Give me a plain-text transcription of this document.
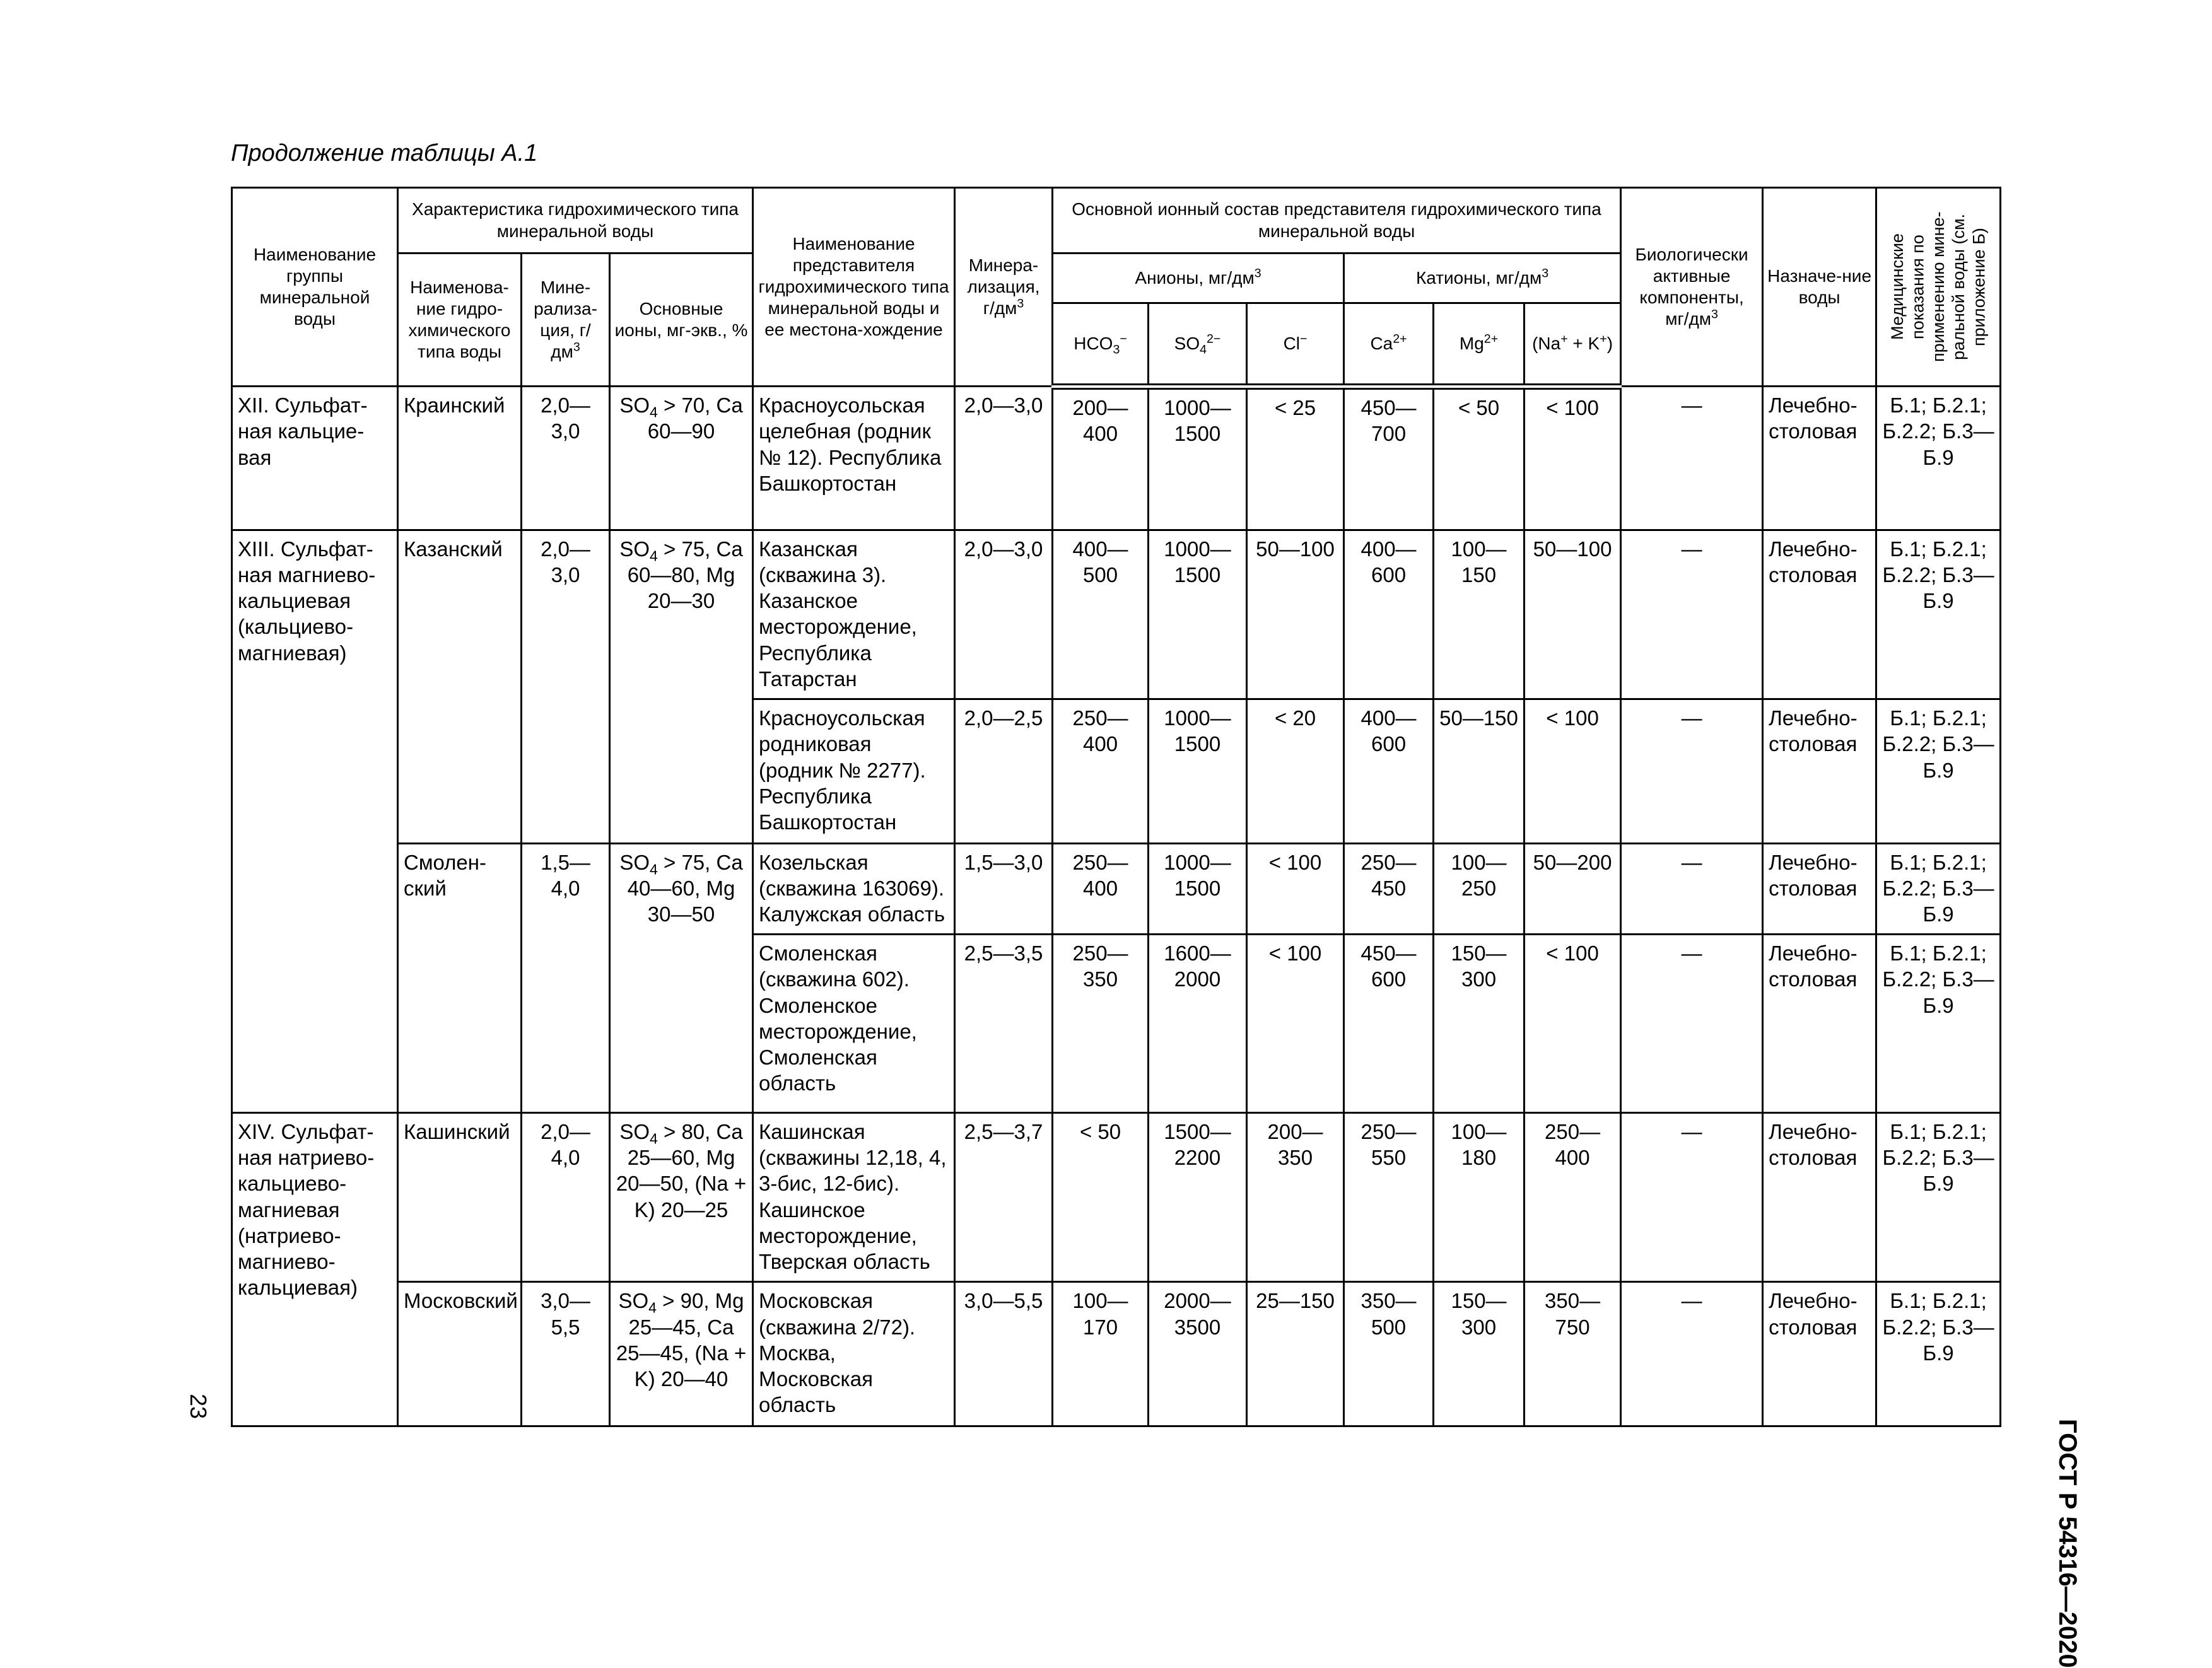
Продолжение таблицы А.1
ГОСТ Р 54316—2020
23
Наименование группы минеральной воды	Характеристика гидрохимического типа минеральной воды			Наименование представителя гидрохимического типа минеральной воды и ее местона-хождение	Минера-лизация, $г/дм^3$	Основной ионный состав представителя гидрохимического типа минеральной воды						Биологически активные компоненты, $мг/дм^3$	Назначе-ние воды	Медицинские показания по применению мине-ральной воды (см. приложение Б)

	Наименова-ние гидро-химического типа воды	Мине-рализа-ция, $г/дм^3$	Основные ионы, мг-экв., %			Анионы, $мг/дм^3$			Катионы, $мг/дм^3$
						$HCO_3^-$	$SO_4^{2-}$	Cl−	$Ca^{2+}$	$Mg^{2+}$	(Na+ + K+)			
XII. Сульфат-ная кальцие-вая	Краинский	2,0—3,0	$SO_4 > 70$, Ca 60—90	Красноусольская целебная (родник № 12). Республика Башкортостан	2,0—3,0	200—400	1000—1500	< 25	450—700	< 50	< 100	—	Лечебно-столовая	Б.1; Б.2.1; Б.2.2; Б.3—Б.9
XIII. Сульфат-ная магниево-кальциевая (кальциево-магниевая)	Казанский	2,0—3,0	$SO_4 > 75$, Ca 60—80, Mg 20—30	Казанская (скважина 3). Казанское месторождение, Республика Татарстан	2,0—3,0	400—500	1000—1500	50—100	400—600	100—150	50—100	—	Лечебно-столовая	Б.1; Б.2.1; Б.2.2; Б.3—Б.9
				Красноусольская родниковая (родник № 2277). Республика Башкортостан	2,0—2,5	250—400	1000—1500	< 20	400—600	50—150	< 100	—	Лечебно-столовая	Б.1; Б.2.1; Б.2.2; Б.3—Б.9
	Смолен-ский	1,5—4,0	$SO_4 > 75$, Ca 40—60, Mg 30—50	Козельская (скважина 163069). Калужская область	1,5—3,0	250—400	1000—1500	< 100	250—450	100—250	50—200	—	Лечебно-столовая	Б.1; Б.2.1; Б.2.2; Б.3—Б.9
				Смоленская (скважина 602). Смоленское месторождение, Смоленская область	2,5—3,5	250—350	1600—2000	< 100	450—600	150—300	< 100	—	Лечебно-столовая	Б.1; Б.2.1; Б.2.2; Б.3—Б.9
XIV. Сульфат-ная натриево-кальциево-магниевая (натриево-магниево-кальциевая)	Кашинский	2,0—4,0	$SO_4 > 80$, Ca 25—60, Mg 20—50, (Na + K) 20—25	Кашинская (скважины 12,18, 4, 3-бис, 12-бис). Кашинское месторождение, Тверская область	2,5—3,7	< 50	1500—2200	200—350	250—550	100—180	250—400	—	Лечебно-столовая	Б.1; Б.2.1; Б.2.2; Б.3—Б.9
	Московский	3,0—5,5	$SO_4 > 90$, Mg 25—45, Ca 25—45, (Na + K) 20—40	Московская (скважина 2/72). Москва, Московская область	3,0—5,5	100—170	2000—3500	25—150	350—500	150—300	350—750	—	Лечебно-столовая	Б.1; Б.2.1; Б.2.2; Б.3—Б.9
